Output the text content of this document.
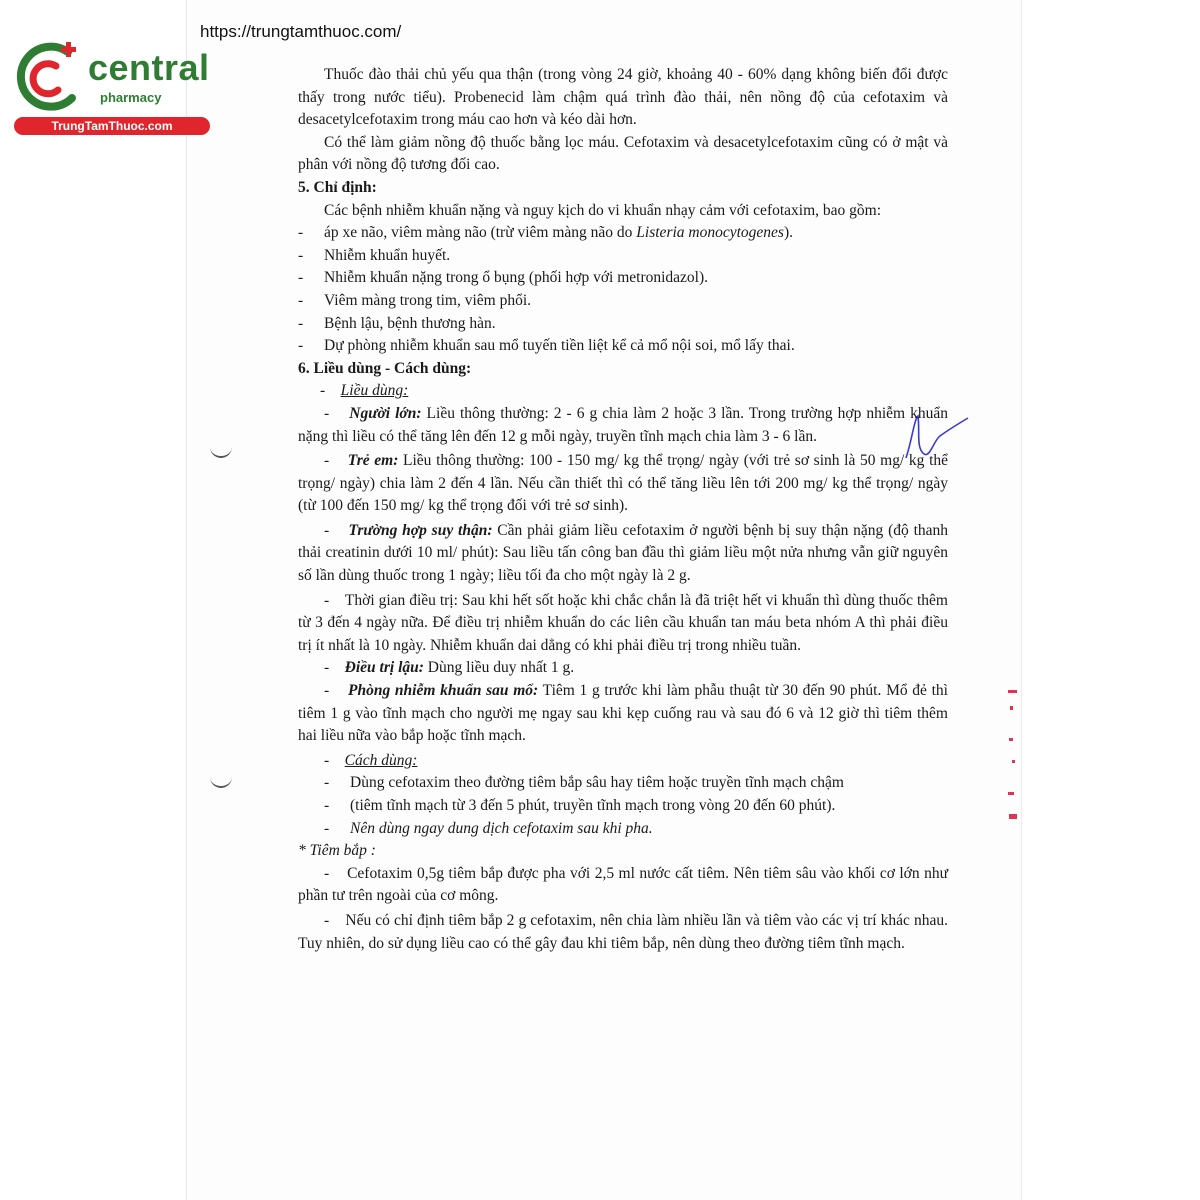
https://trungtamthuoc.com/
central
pharmacy
TrungTamThuoc.com

Thuốc đào thải chủ yếu qua thận (trong vòng 24 giờ, khoảng 40 - 60% dạng không biến đổi được thấy trong nước tiểu). Probenecid làm chậm quá trình đào thải, nên nồng độ của cefotaxim và desacetylcefotaxim trong máu cao hơn và kéo dài hơn.

Có thể làm giảm nồng độ thuốc bằng lọc máu. Cefotaxim và desacetylcefotaxim cũng có ở mật và phân với nồng độ tương đối cao.

5. Chỉ định:

Các bệnh nhiễm khuẩn nặng và nguy kịch do vi khuẩn nhạy cảm với cefotaxim, bao gồm:

- áp xe não, viêm màng não (trừ viêm màng não do Listeria monocytogenes).

- Nhiễm khuẩn huyết.

- Nhiễm khuẩn nặng trong ổ bụng (phối hợp với metronidazol).

- Viêm màng trong tim, viêm phổi.

- Bệnh lậu, bệnh thương hàn.

- Dự phòng nhiễm khuẩn sau mổ tuyến tiền liệt kể cả mổ nội soi, mổ lấy thai.

6. Liều dùng - Cách dùng:

- Liều dùng:

- Người lớn: Liều thông thường: 2 - 6 g chia làm 2 hoặc 3 lần. Trong trường hợp nhiễm khuẩn nặng thì liều có thể tăng lên đến 12 g mỗi ngày, truyền tĩnh mạch chia làm 3 - 6 lần.

- Trẻ em: Liều thông thường: 100 - 150 mg/ kg thể trọng/ ngày (với trẻ sơ sinh là 50 mg/ kg thể trọng/ ngày) chia làm 2 đến 4 lần. Nếu cần thiết thì có thể tăng liều lên tới 200 mg/ kg thể trọng/ ngày (từ 100 đến 150 mg/ kg thể trọng đối với trẻ sơ sinh).

- Trường hợp suy thận: Cần phải giảm liều cefotaxim ở người bệnh bị suy thận nặng (độ thanh thải creatinin dưới 10 ml/ phút): Sau liều tấn công ban đầu thì giảm liều một nửa nhưng vẫn giữ nguyên số lần dùng thuốc trong 1 ngày; liều tối đa cho một ngày là 2 g.

- Thời gian điều trị: Sau khi hết sốt hoặc khi chắc chắn là đã triệt hết vi khuẩn thì dùng thuốc thêm từ 3 đến 4 ngày nữa. Để điều trị nhiễm khuẩn do các liên cầu khuẩn tan máu beta nhóm A thì phải điều trị ít nhất là 10 ngày. Nhiễm khuẩn dai dẳng có khi phải điều trị trong nhiều tuần.

- Điều trị lậu: Dùng liều duy nhất 1 g.

- Phòng nhiễm khuẩn sau mổ: Tiêm 1 g trước khi làm phẫu thuật từ 30 đến 90 phút. Mổ đẻ thì tiêm 1 g vào tĩnh mạch cho người mẹ ngay sau khi kẹp cuống rau và sau đó 6 và 12 giờ thì tiêm thêm hai liều nữa vào bắp hoặc tĩnh mạch.

- Cách dùng:

- Dùng cefotaxim theo đường tiêm bắp sâu hay tiêm hoặc truyền tĩnh mạch chậm

- (tiêm tĩnh mạch từ 3 đến 5 phút, truyền tĩnh mạch trong vòng 20 đến 60 phút).

- Nên dùng ngay dung dịch cefotaxim sau khi pha.

* Tiêm bắp :

- Cefotaxim 0,5g tiêm bắp được pha với 2,5 ml nước cất tiêm. Nên tiêm sâu vào khối cơ lớn như phần tư trên ngoài của cơ mông.

- Nếu có chỉ định tiêm bắp 2 g cefotaxim, nên chia làm nhiều lần và tiêm vào các vị trí khác nhau. Tuy nhiên, do sử dụng liều cao có thể gây đau khi tiêm bắp, nên dùng theo đường tiêm tĩnh mạch.
